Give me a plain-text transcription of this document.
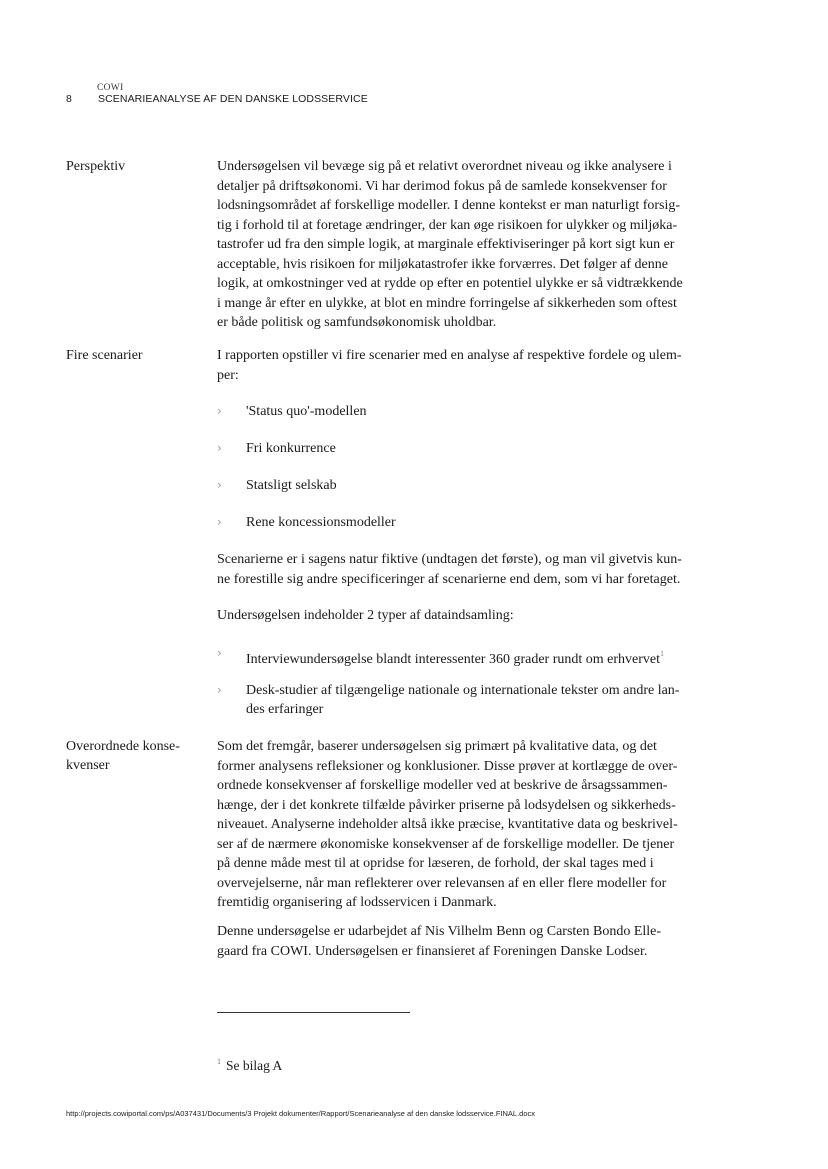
COWI
8 SCENARIEANALYSE AF DEN DANSKE LODSSERVICE
Perspektiv	Undersøgelsen vil bevæge sig på et relativt overordnet niveau og ikke analysere i

detaljer på driftsøkonomi. Vi har derimod fokus på de samlede konsekvenser for

lodsningsområdet af forskellige modeller. I denne kontekst er man naturligt forsig-

tig i forhold til at foretage ændringer, der kan øge risikoen for ulykker og miljøka-

tastrofer ud fra den simple logik, at marginale effektiviseringer på kort sigt kun er

acceptable, hvis risikoen for miljøkatastrofer ikke forværres. Det følger af denne

logik, at omkostninger ved at rydde op efter en potentiel ulykke er så vidtrækkende

i mange år efter en ulykke, at blot en mindre forringelse af sikkerheden som oftest

er både politisk og samfundsøkonomisk uholdbar.

Fire scenarier	I rapporten opstiller vi fire scenarier med en analyse af respektive fordele og ulem-

per:

› 'Status quo'-modellen
› Fri konkurrence
› Statsligt selskab
› Rene koncessionsmodeller

Scenarierne er i sagens natur fiktive (undtagen det første), og man vil givetvis kun-

ne forestille sig andre specificeringer af scenarierne end dem, som vi har foretaget.

Undersøgelsen indeholder 2 typer af dataindsamling:

› Interviewundersøgelse blandt interessenter 360 grader rundt om erhvervet$^1$
› Desk-studier af tilgængelige nationale og internationale tekster om andre lan-
des erfaringer
Overordnede konse-
kvenser

Som det fremgår, baserer undersøgelsen sig primært på kvalitative data, og det

former analysens refleksioner og konklusioner. Disse prøver at kortlægge de over-

ordnede konsekvenser af forskellige modeller ved at beskrive de årsagssammen-

hænge, der i det konkrete tilfælde påvirker priserne på lodsydelsen og sikkerheds-

niveauet. Analyserne indeholder altså ikke præcise, kvantitative data og beskrivel-

ser af de nærmere økonomiske konsekvenser af de forskellige modeller. De tjener

på denne måde mest til at opridse for læseren, de forhold, der skal tages med i

overvejelserne, når man reflekterer over relevansen af en eller flere modeller for

fremtidig organisering af lodsservicen i Danmark.

Denne undersøgelse er udarbejdet af Nis Vilhelm Benn og Carsten Bondo Elle-

gaard fra COWI. Undersøgelsen er finansieret af Foreningen Danske Lodser.

$^1$ Se bilag A
http://projects.cowiportal.com/ps/A037431/Documents/3 Projekt dokumenter/Rapport/Scenarieanalyse af den danske lodsservice.FINAL.docx
